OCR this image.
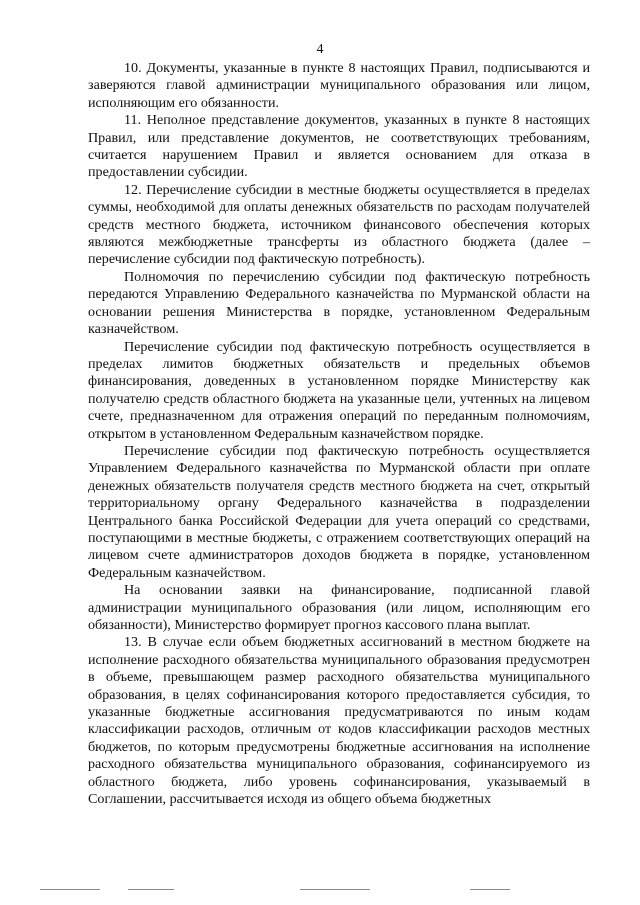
4

10. Документы, указанные в пункте 8 настоящих Правил, подписываются и заверяются главой администрации муниципального образования или лицом, исполняющим его обязанности.

11. Неполное представление документов, указанных в пункте 8 настоящих Правил, или представление документов, не соответствующих требованиям, считается нарушением Правил и является основанием для отказа в предоставлении субсидии.

12. Перечисление субсидии в местные бюджеты осуществляется в пределах суммы, необходимой для оплаты денежных обязательств по расходам получателей средств местного бюджета, источником финансового обеспечения которых являются межбюджетные трансферты из областного бюджета (далее – перечисление субсидии под фактическую потребность).

Полномочия по перечислению субсидии под фактическую потребность передаются Управлению Федерального казначейства по Мурманской области на основании решения Министерства в порядке, установленном Федеральным казначейством.

Перечисление субсидии под фактическую потребность осуществляется в пределах лимитов бюджетных обязательств и предельных объемов финансирования, доведенных в установленном порядке Министерству как получателю средств областного бюджета на указанные цели, учтенных на лицевом счете, предназначенном для отражения операций по переданным полномочиям, открытом в установленном Федеральным казначейством порядке.

Перечисление субсидии под фактическую потребность осуществляется Управлением Федерального казначейства по Мурманской области при оплате денежных обязательств получателя средств местного бюджета на счет, открытый территориальному органу Федерального казначейства в подразделении Центрального банка Российской Федерации для учета операций со средствами, поступающими в местные бюджеты, с отражением соответствующих операций на лицевом счете администраторов доходов бюджета в порядке, установленном Федеральным казначейством.

На основании заявки на финансирование, подписанной главой администрации муниципального образования (или лицом, исполняющим его обязанности), Министерство формирует прогноз кассового плана выплат.

13. В случае если объем бюджетных ассигнований в местном бюджете на исполнение расходного обязательства муниципального образования предусмотрен в объеме, превышающем размер расходного обязательства муниципального образования, в целях софинансирования которого предоставляется субсидия, то указанные бюджетные ассигнования предусматриваются по иным кодам классификации расходов, отличным от кодов классификации расходов местных бюджетов, по которым предусмотрены бюджетные ассигнования на исполнение расходного обязательства муниципального образования, софинансируемого из областного бюджета, либо уровень софинансирования, указываемый в Соглашении, рассчитывается исходя из общего объема бюджетных
